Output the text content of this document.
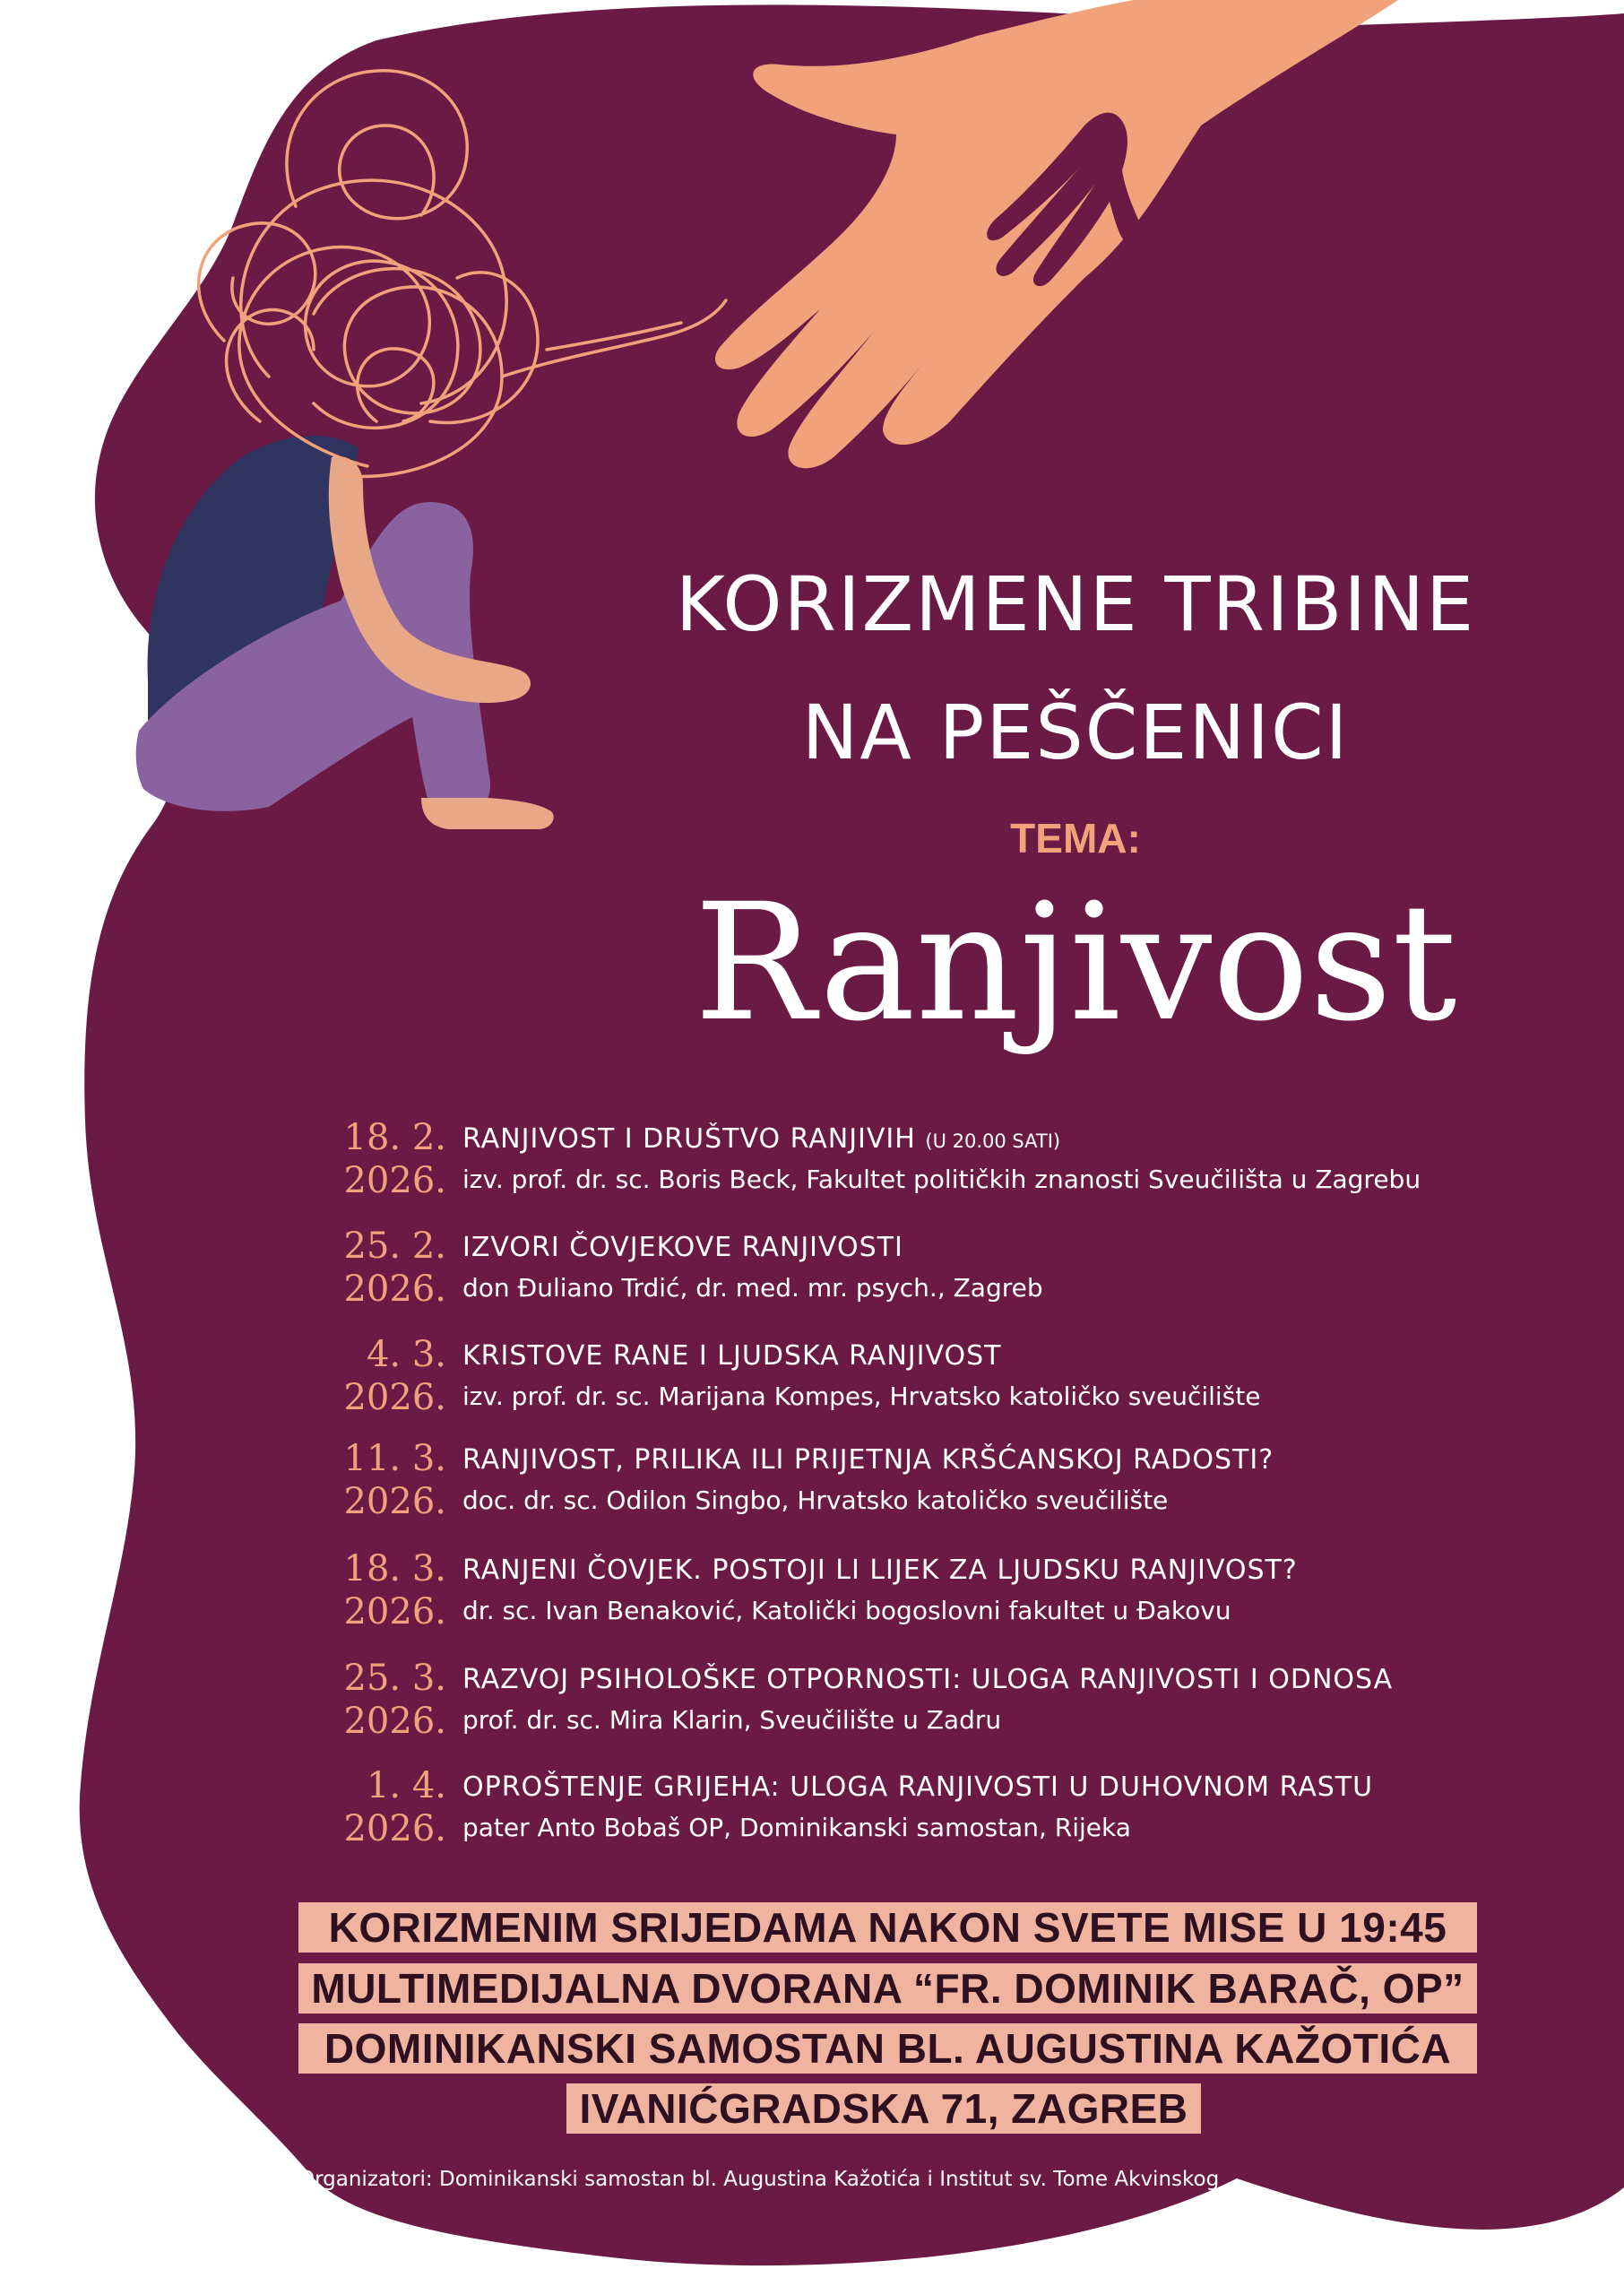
KORIZMENE TRIBINE
NA PEŠČENICI
TEMA:
Ranjivost
18. 2.
2026.
RANJIVOST I DRUŠTVO RANJIVIH (U 20.00 SATI)
izv. prof. dr. sc. Boris Beck, Fakultet političkih znanosti Sveučilišta u Zagrebu
25. 2.
2026.
IZVORI ČOVJEKOVE RANJIVOSTI
don Đuliano Trdić, dr. med. mr. psych., Zagreb
4. 3.
2026.
KRISTOVE RANE I LJUDSKA RANJIVOST
izv. prof. dr. sc. Marijana Kompes, Hrvatsko katoličko sveučilište
11. 3.
2026.
RANJIVOST, PRILIKA ILI PRIJETNJA KRŠĆANSKOJ RADOSTI?
doc. dr. sc. Odilon Singbo, Hrvatsko katoličko sveučilište
18. 3.
2026.
RANJENI ČOVJEK. POSTOJI LI LIJEK ZA LJUDSKU RANJIVOST?
dr. sc. Ivan Benaković, Katolički bogoslovni fakultet u Đakovu
25. 3.
2026.
RAZVOJ PSIHOLOŠKE OTPORNOSTI: ULOGA RANJIVOSTI I ODNOSA
prof. dr. sc. Mira Klarin, Sveučilište u Zadru
1. 4.
2026.
OPROŠTENJE GRIJEHA: ULOGA RANJIVOSTI U DUHOVNOM RASTU
pater Anto Bobaš OP, Dominikanski samostan, Rijeka
KORIZMENIM SRIJEDAMA NAKON SVETE MISE U 19:45
MULTIMEDIJALNA DVORANA “FR. DOMINIK BARAČ, OP”
DOMINIKANSKI SAMOSTAN BL. AUGUSTINA KAŽOTIĆA
IVANIĆGRADSKA 71, ZAGREB
Organizatori: Dominikanski samostan bl. Augustina Kažotića i Institut sv. Tome Akvinskog
